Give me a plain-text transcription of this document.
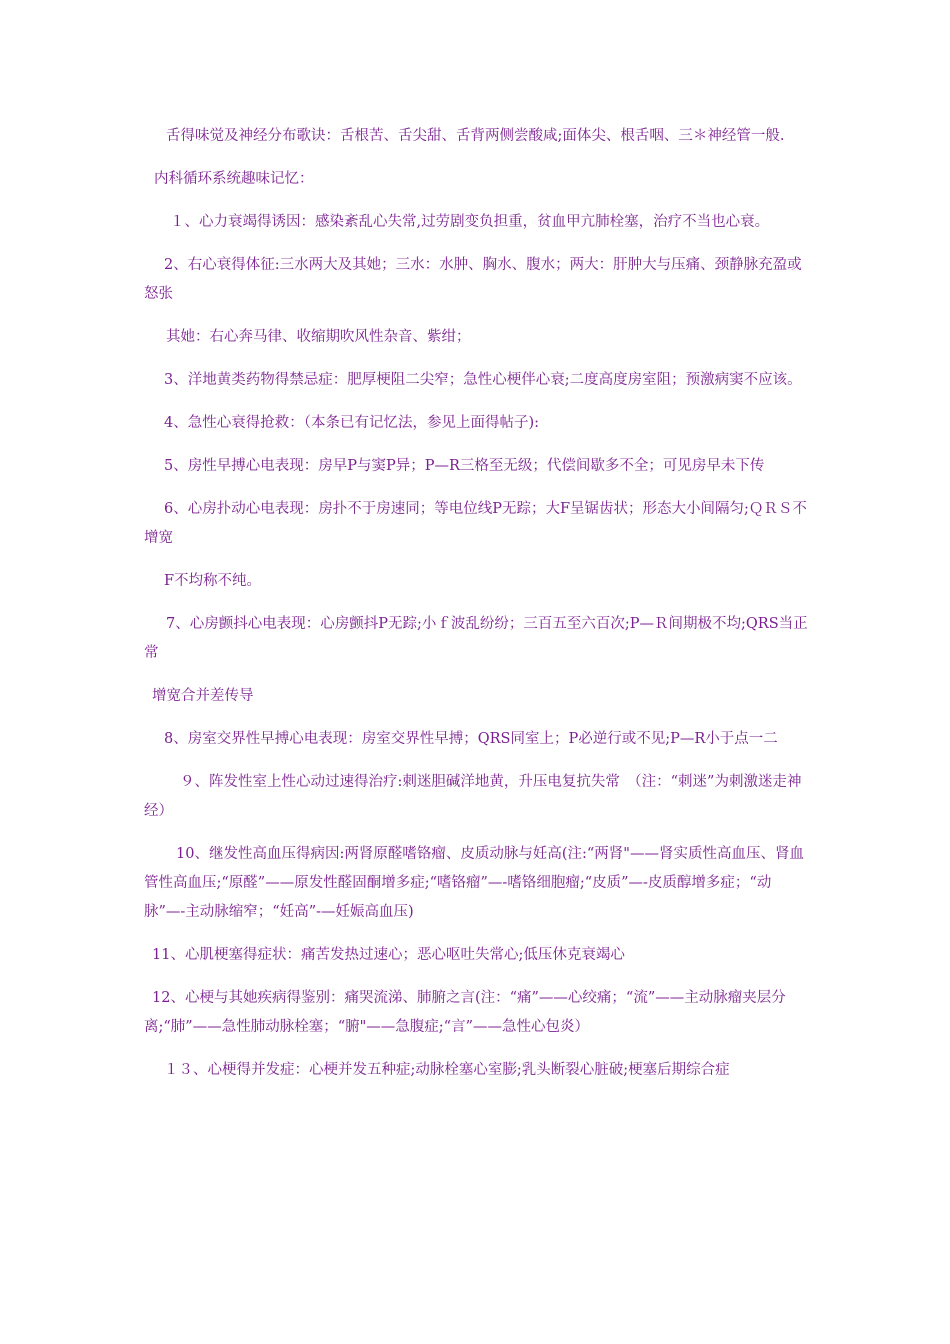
舌得味觉及神经分布歌诀：舌根苦、舌尖甜、舌背两侧尝酸咸;面体尖、根舌咽、三＊神经管一般.

内科循环系统趣味记忆：

１、心力衰竭得诱因：感染紊乱心失常,过劳剧变负担重，贫血甲亢肺栓塞，治疗不当也心衰。

2、右心衰得体征:三水两大及其她；三水：水肿、胸水、腹水；两大：肝肿大与压痛、颈静脉充盈或怒张

其她：右心奔马律、收缩期吹风性杂音、紫绀；

3、洋地黄类药物得禁忌症：肥厚梗阻二尖窄；急性心梗伴心衰;二度高度房室阻；预激病窦不应该。

4、急性心衰得抢救：（本条已有记忆法，参见上面得帖子):

5、房性早搏心电表现：房早P与窦P异；P—R三格至无级；代偿间歇多不全；可见房早未下传

6、心房扑动心电表现：房扑不于房速同；等电位线P无踪；大F呈锯齿状；形态大小间隔匀;ＱＲＳ不增宽

F不均称不纯。

7、心房颤抖心电表现：心房颤抖P无踪;小ｆ波乱纷纷；三百五至六百次;P—Ｒ间期极不均;QRS当正常

增宽合并差传导

8、房室交界性早搏心电表现：房室交界性早搏；QRS同室上；P必逆行或不见;P—R小于点一二

９、阵发性室上性心动过速得治疗:刺迷胆碱洋地黄，升压电复抗失常　（注：“刺迷”为刺激迷走神经）

10、继发性高血压得病因:两肾原醛嗜铬瘤、皮质动脉与妊高(注:“两肾"——肾实质性高血压、肾血管性高血压;“原醛”——原发性醛固酮增多症;“嗜铬瘤”—-嗜铬细胞瘤;“皮质”—-皮质醇增多症；“动脉”—-主动脉缩窄；“妊高”-—妊娠高血压)

11、心肌梗塞得症状：痛苦发热过速心；恶心呕吐失常心;低压休克衰竭心

12、心梗与其她疾病得鉴别：痛哭流涕、肺腑之言(注：“痛”——心绞痛；“流”——主动脉瘤夹层分离;“肺”——急性肺动脉栓塞；“腑"——急腹症;“言”——急性心包炎）

１３、心梗得并发症：心梗并发五种症;动脉栓塞心室膨;乳头断裂心脏破;梗塞后期综合症
